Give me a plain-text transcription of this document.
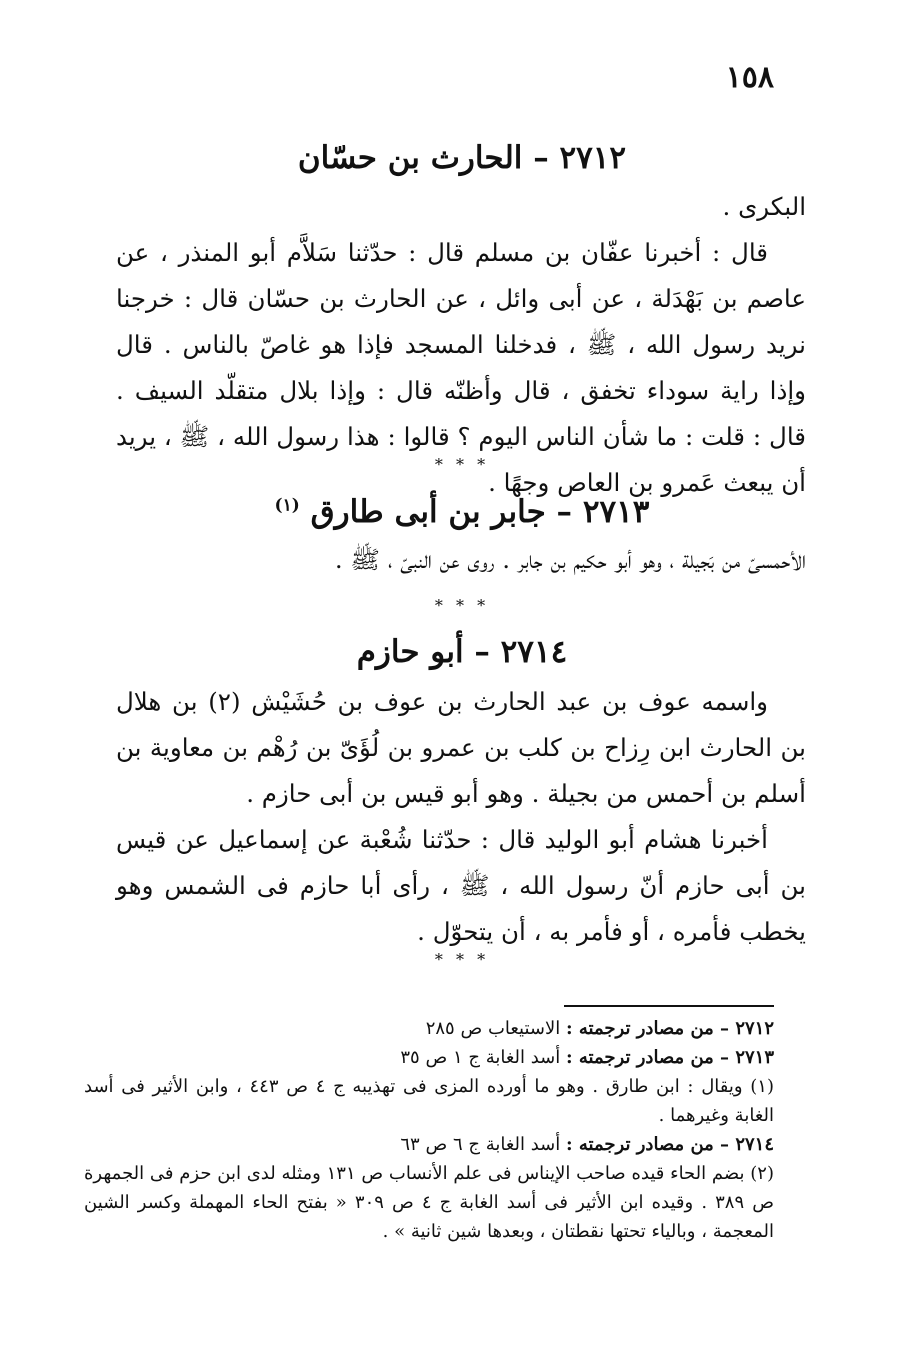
١٥٨
٢٧١٢ – الحارث بن حسّان

البكرى .

قال : أخبرنا عفّان بن مسلم قال : حدّثنا سَلاَّم أبو المنذر ، عن عاصم بن بَهْدَلة ، عن أبى وائل ، عن الحارث بن حسّان قال : خرجنا نريد رسول الله ، ﷺ ، فدخلنا المسجد فإذا هو غاصّ بالناس . قال وإذا راية سوداء تخفق ، قال وأظنّه قال : وإذا بلال متقلّد السيف . قال : قلت : ما شأن الناس اليوم ؟ قالوا : هذا رسول الله ، ﷺ ، يريد أن يبعث عَمرو بن العاص وجهًا .

* * *
٢٧١٣ – جابر بن أبى طارق $^{(١)}$

الأحمسىّ من بَجيلة ، وهو أبو حكيم بن جابر . روى عن النبىّ ، ﷺ .

* * *
٢٧١٤ – أبو حازم

واسمه عوف بن عبد الحارث بن عوف بن حُشَيْش (٢) بن هلال بن الحارث ابن رِزاح بن كلب بن عمرو بن لُؤَىّ بن رُهْم بن معاوية بن أسلم بن أحمس من بجيلة . وهو أبو قيس بن أبى حازم .

أخبرنا هشام أبو الوليد قال : حدّثنا شُعْبة عن إسماعيل عن قيس بن أبى حازم أنّ رسول الله ، ﷺ ، رأى أبا حازم فى الشمس وهو يخطب فأمره ، أو فأمر به ، أن يتحوّل .

* * *

٢٧١٢ – من مصادر ترجمته : الاستيعاب ص ٢٨٥

٢٧١٣ – من مصادر ترجمته : أسد الغابة ج ١ ص ٣٥

(١) ويقال : ابن طارق . وهو ما أورده المزى فى تهذيبه ج ٤ ص ٤٤٣ ، وابن الأثير فى أسد الغابة وغيرهما .

٢٧١٤ – من مصادر ترجمته : أسد الغابة ج ٦ ص ٦٣

(٢) بضم الحاء قيده صاحب الإيناس فى علم الأنساب ص ١٣١ ومثله لدى ابن حزم فى الجمهرة ص ٣٨٩ . وقيده ابن الأثير فى أسد الغابة ج ٤ ص ٣٠٩ « بفتح الحاء المهملة وكسر الشين المعجمة ، وبالياء تحتها نقطتان ، وبعدها شين ثانية » .
